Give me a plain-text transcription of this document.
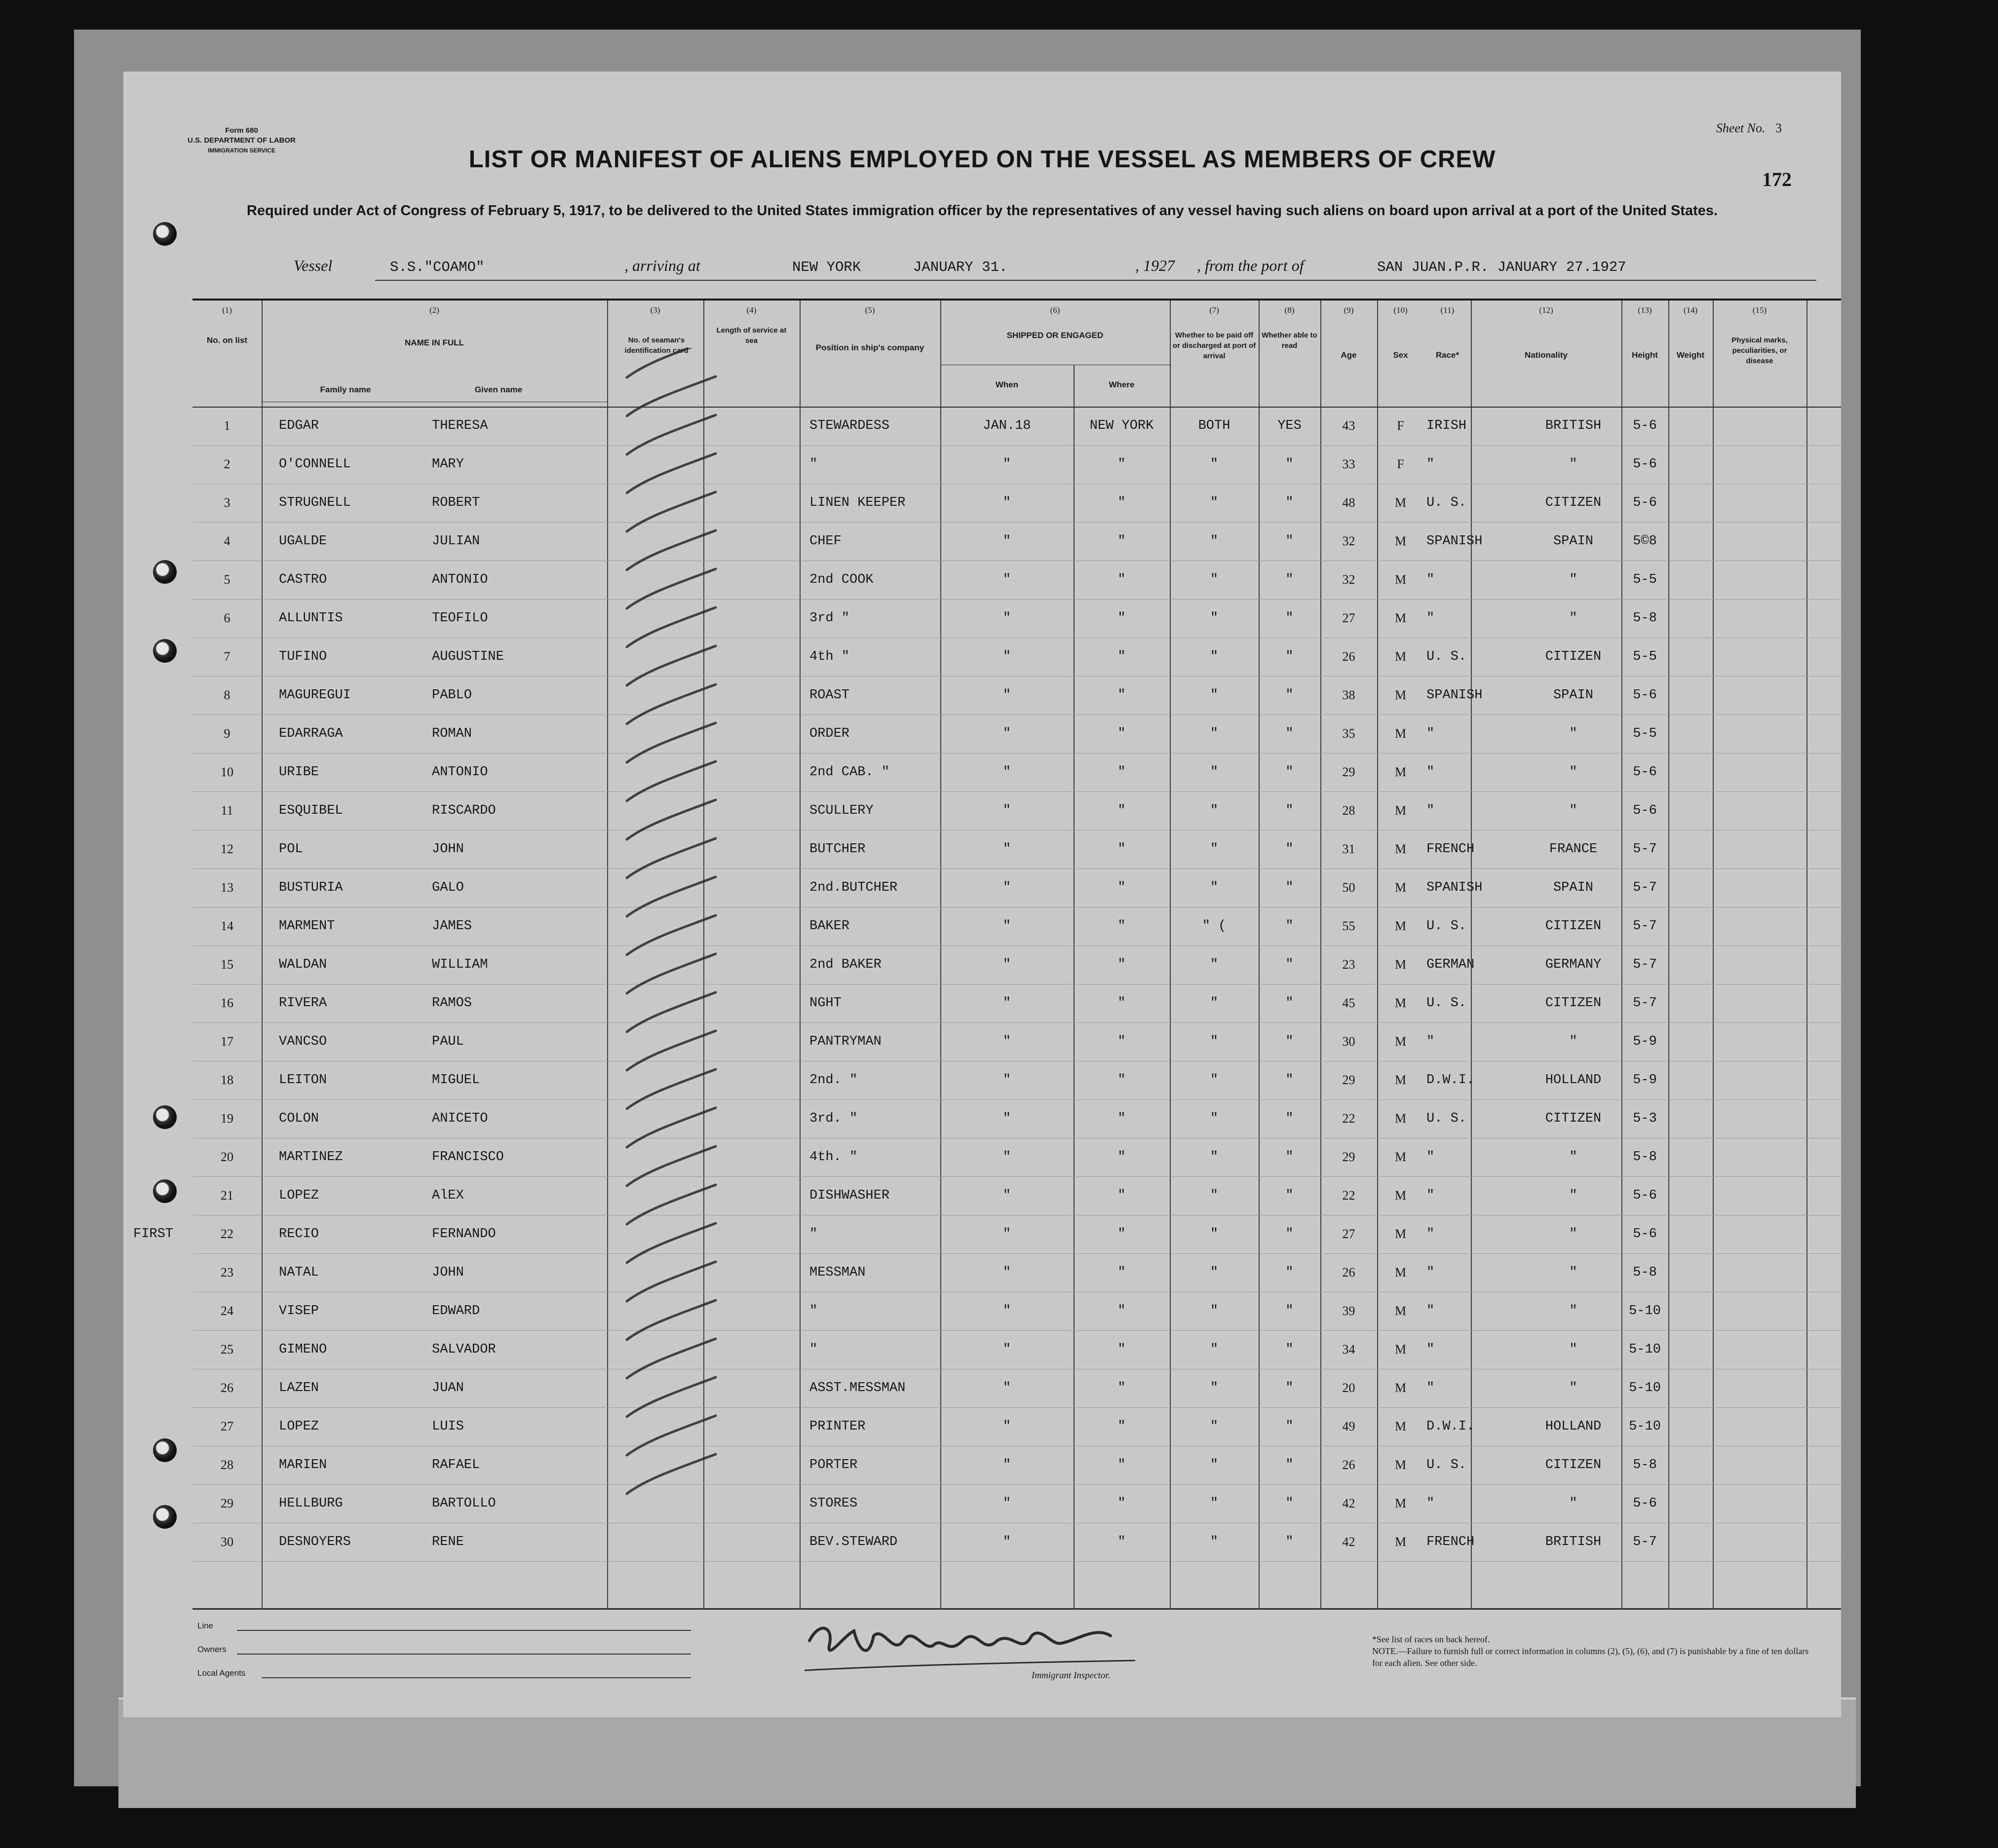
Form 680
U.S. DEPARTMENT OF LABOR
IMMIGRATION SERVICE
Sheet No. 3
172
LIST OR MANIFEST OF ALIENS EMPLOYED ON THE VESSEL AS MEMBERS OF CREW
Required under Act of Congress of February 5, 1917, to be delivered to the United States immigration officer by the representatives of any vessel having such aliens on board upon arrival at a port of the United States.
Vessel	S.S."COAMO"	, arriving at	NEW YORK	JANUARY 31.	, 1927 , from the port of	SAN JUAN.P.R. JANUARY 27.1927
(1)	(2)	(3)	(4)	(5)	(6)	(7)	(8)	(9)	(10)	(11)	(12)	(13)	(14)	(15)
No. on list	NAME IN FULL
Family name	Given name
No. of seaman's identification card
Length of service at sea
Position in ship's company
SHIPPED OR ENGAGED
When	Where
Whether to be paid off or discharged at port of arrival
Whether able to read
Age	Sex	Race*	Nationality	Height	Weight
Physical marks, peculiarities, or disease
1	EDGAR	THERESA	STEWARDESS	JAN.18	NEW YORK	BOTH	YES	43	F	IRISH	BRITISH	5-6
2	O'CONNELL	MARY	"	"	"	"	"	33	F	"	"	5-6
3	STRUGNELL	ROBERT	LINEN KEEPER	"	"	"	"	48	M	U. S.	CITIZEN	5-6
4	UGALDE	JULIAN	CHEF	"	"	"	"	32	M	SPANISH	SPAIN	5©8
5	CASTRO	ANTONIO	2nd COOK	"	"	"	"	32	M	"	"	5-5
6	ALLUNTIS	TEOFILO	3rd "	"	"	"	"	27	M	"	"	5-8
7	TUFINO	AUGUSTINE	4th "	"	"	"	"	26	M	U. S.	CITIZEN	5-5
8	MAGUREGUI	PABLO	ROAST	"	"	"	"	38	M	SPANISH	SPAIN	5-6
9	EDARRAGA	ROMAN	ORDER	"	"	"	"	35	M	"	"	5-5
10	URIBE	ANTONIO	2nd CAB. "	"	"	"	"	29	M	"	"	5-6
11	ESQUIBEL	RISCARDO	SCULLERY	"	"	"	"	28	M	"	"	5-6
12	POL	JOHN	BUTCHER	"	"	"	"	31	M	FRENCH	FRANCE	5-7
13	BUSTURIA	GALO	2nd.BUTCHER	"	"	"	"	50	M	SPANISH	SPAIN	5-7
14	MARMENT	JAMES	BAKER	"	"	" (	"	55	M	U. S.	CITIZEN	5-7
15	WALDAN	WILLIAM	2nd BAKER	"	"	"	"	23	M	GERMAN	GERMANY	5-7
16	RIVERA	RAMOS	NGHT	"	"	"	"	45	M	U. S.	CITIZEN	5-7
17	VANCSO	PAUL	PANTRYMAN	"	"	"	"	30	M	"	"	5-9
18	LEITON	MIGUEL	2nd. "	"	"	"	"	29	M	D.W.I.	HOLLAND	5-9
19	COLON	ANICETO	3rd. "	"	"	"	"	22	M	U. S.	CITIZEN	5-3
20	MARTINEZ	FRANCISCO	4th. "	"	"	"	"	29	M	"	"	5-8
21	LOPEZ	AlEX	DISHWASHER	"	"	"	"	22	M	"	"	5-6
22	RECIO	FERNANDO	"	"	"	"	"	27	M	"	"	5-6
FIRST
23	NATAL	JOHN	MESSMAN	"	"	"	"	26	M	"	"	5-8
24	VISEP	EDWARD	"	"	"	"	"	39	M	"	"	5-10
25	GIMENO	SALVADOR	"	"	"	"	"	34	M	"	"	5-10
26	LAZEN	JUAN	ASST.MESSMAN	"	"	"	"	20	M	"	"	5-10
27	LOPEZ	LUIS	PRINTER	"	"	"	"	49	M	D.W.I.	HOLLAND	5-10
28	MARIEN	RAFAEL	PORTER	"	"	"	"	26	M	U. S.	CITIZEN	5-8
29	HELLBURG	BARTOLLO	STORES	"	"	"	"	42	M	"	"	5-6
30	DESNOYERS	RENE	BEV.STEWARD	"	"	"	"	42	M	FRENCH	BRITISH	5-7
Line
Owners
Local Agents	Immigrant Inspector.
*See list of races on back hereof.
NOTE.—Failure to furnish full or correct information in columns (2), (5), (6), and (7) is punishable by a fine of ten dollars for each alien. See other side.
